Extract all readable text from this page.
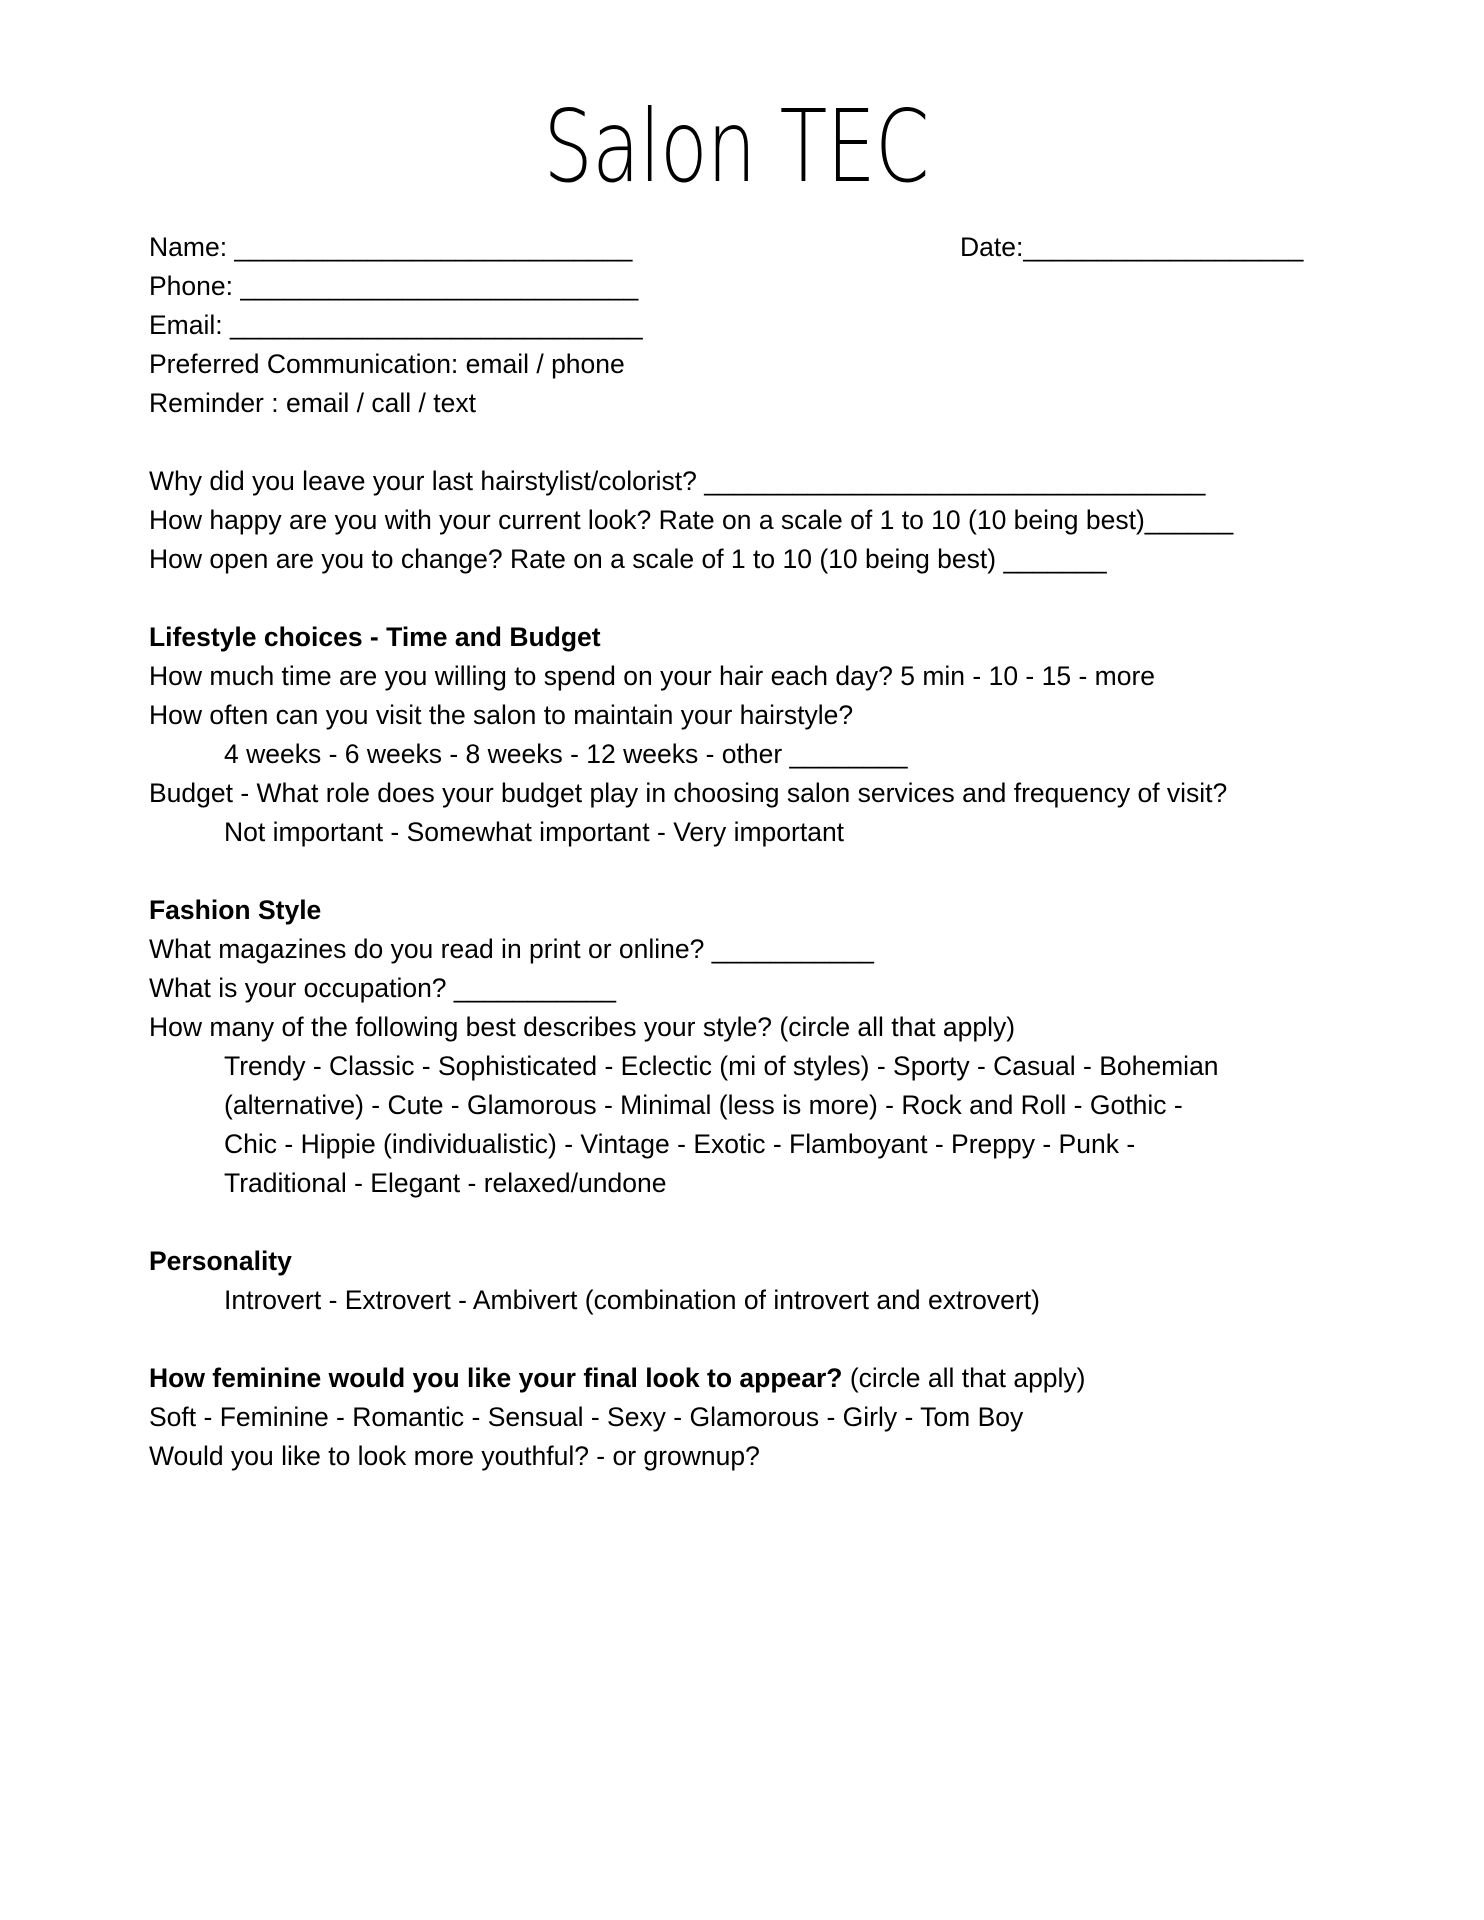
Salon TEC
Name: ___________________________	Date:___________________
Phone: ___________________________
Email: ____________________________
Preferred Communication: email / phone
Reminder : email / call / text
Why did you leave your last hairstylist/colorist? __________________________________
How happy are you with your current look? Rate on a scale of 1 to 10 (10 being best)______
How open are you to change? Rate on a scale of 1 to 10 (10 being best) _______
Lifestyle choices - Time and Budget
How much time are you willing to spend on your hair each day? 5 min - 10 - 15 - more
How often can you visit the salon to maintain your hairstyle?
4 weeks - 6 weeks - 8 weeks - 12 weeks - other ________
Budget - What role does your budget play in choosing salon services and frequency of visit?
Not important - Somewhat important - Very important
Fashion Style
What magazines do you read in print or online? ___________
What is your occupation? ___________
How many of the following best describes your style? (circle all that apply)
Trendy - Classic - Sophisticated - Eclectic (mi of styles) - Sporty - Casual - Bohemian
(alternative) - Cute - Glamorous - Minimal (less is more) - Rock and Roll - Gothic -
Chic - Hippie (individualistic) - Vintage - Exotic - Flamboyant - Preppy - Punk -
Traditional - Elegant - relaxed/undone
Personality
Introvert - Extrovert - Ambivert (combination of introvert and extrovert)
How feminine would you like your final look to appear? (circle all that apply)
Soft - Feminine - Romantic - Sensual - Sexy - Glamorous - Girly - Tom Boy
Would you like to look more youthful? - or grownup?
